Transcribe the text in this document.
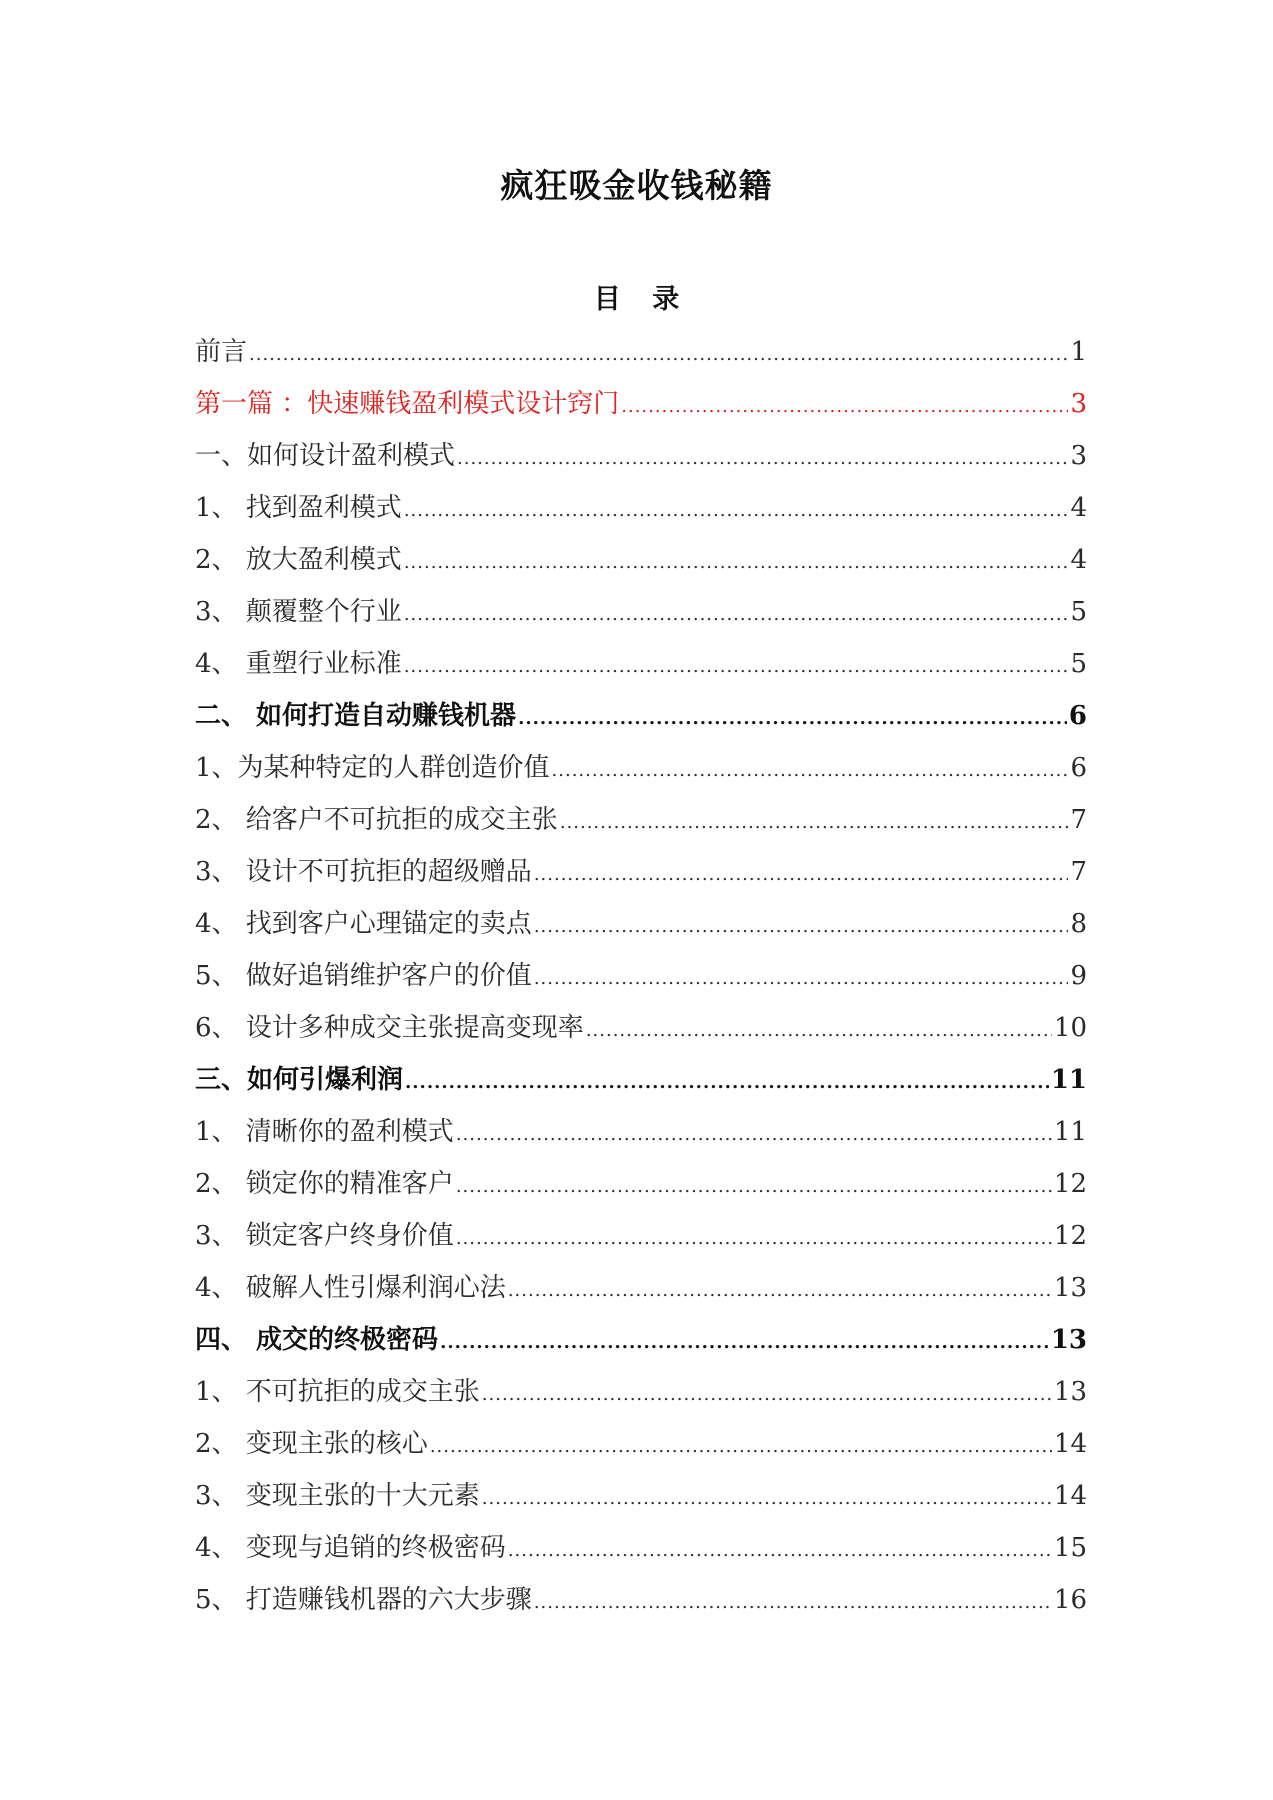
疯狂吸金收钱秘籍
目 录
前言 .....	1
第一篇 ：快速赚钱盈利模式设计窍门 .....	3
一、如何设计盈利模式 .....	3
1、 找到盈利模式 .....	4
2、 放大盈利模式 .....	4
3、 颠覆整个行业 .....	5
4、 重塑行业标准 .....	5
二、 如何打造自动赚钱机器 .....	6
1、为某种特定的人群创造价值 .....	6
2、 给客户不可抗拒的成交主张 .....	7
3、 设计不可抗拒的超级赠品 .....	7
4、 找到客户心理锚定的卖点 .....	8
5、 做好追销维护客户的价值 .....	9
6、 设计多种成交主张提高变现率 .....	10
三、如何引爆利润 .....	11
1、 清晰你的盈利模式 .....	11
2、 锁定你的精准客户 .....	12
3、 锁定客户终身价值 .....	12
4、 破解人性引爆利润心法 .....	13
四、 成交的终极密码 .....	13
1、 不可抗拒的成交主张 .....	13
2、 变现主张的核心 .....	14
3、 变现主张的十大元素 .....	14
4、 变现与追销的终极密码 .....	15
5、 打造赚钱机器的六大步骤 .....	16
